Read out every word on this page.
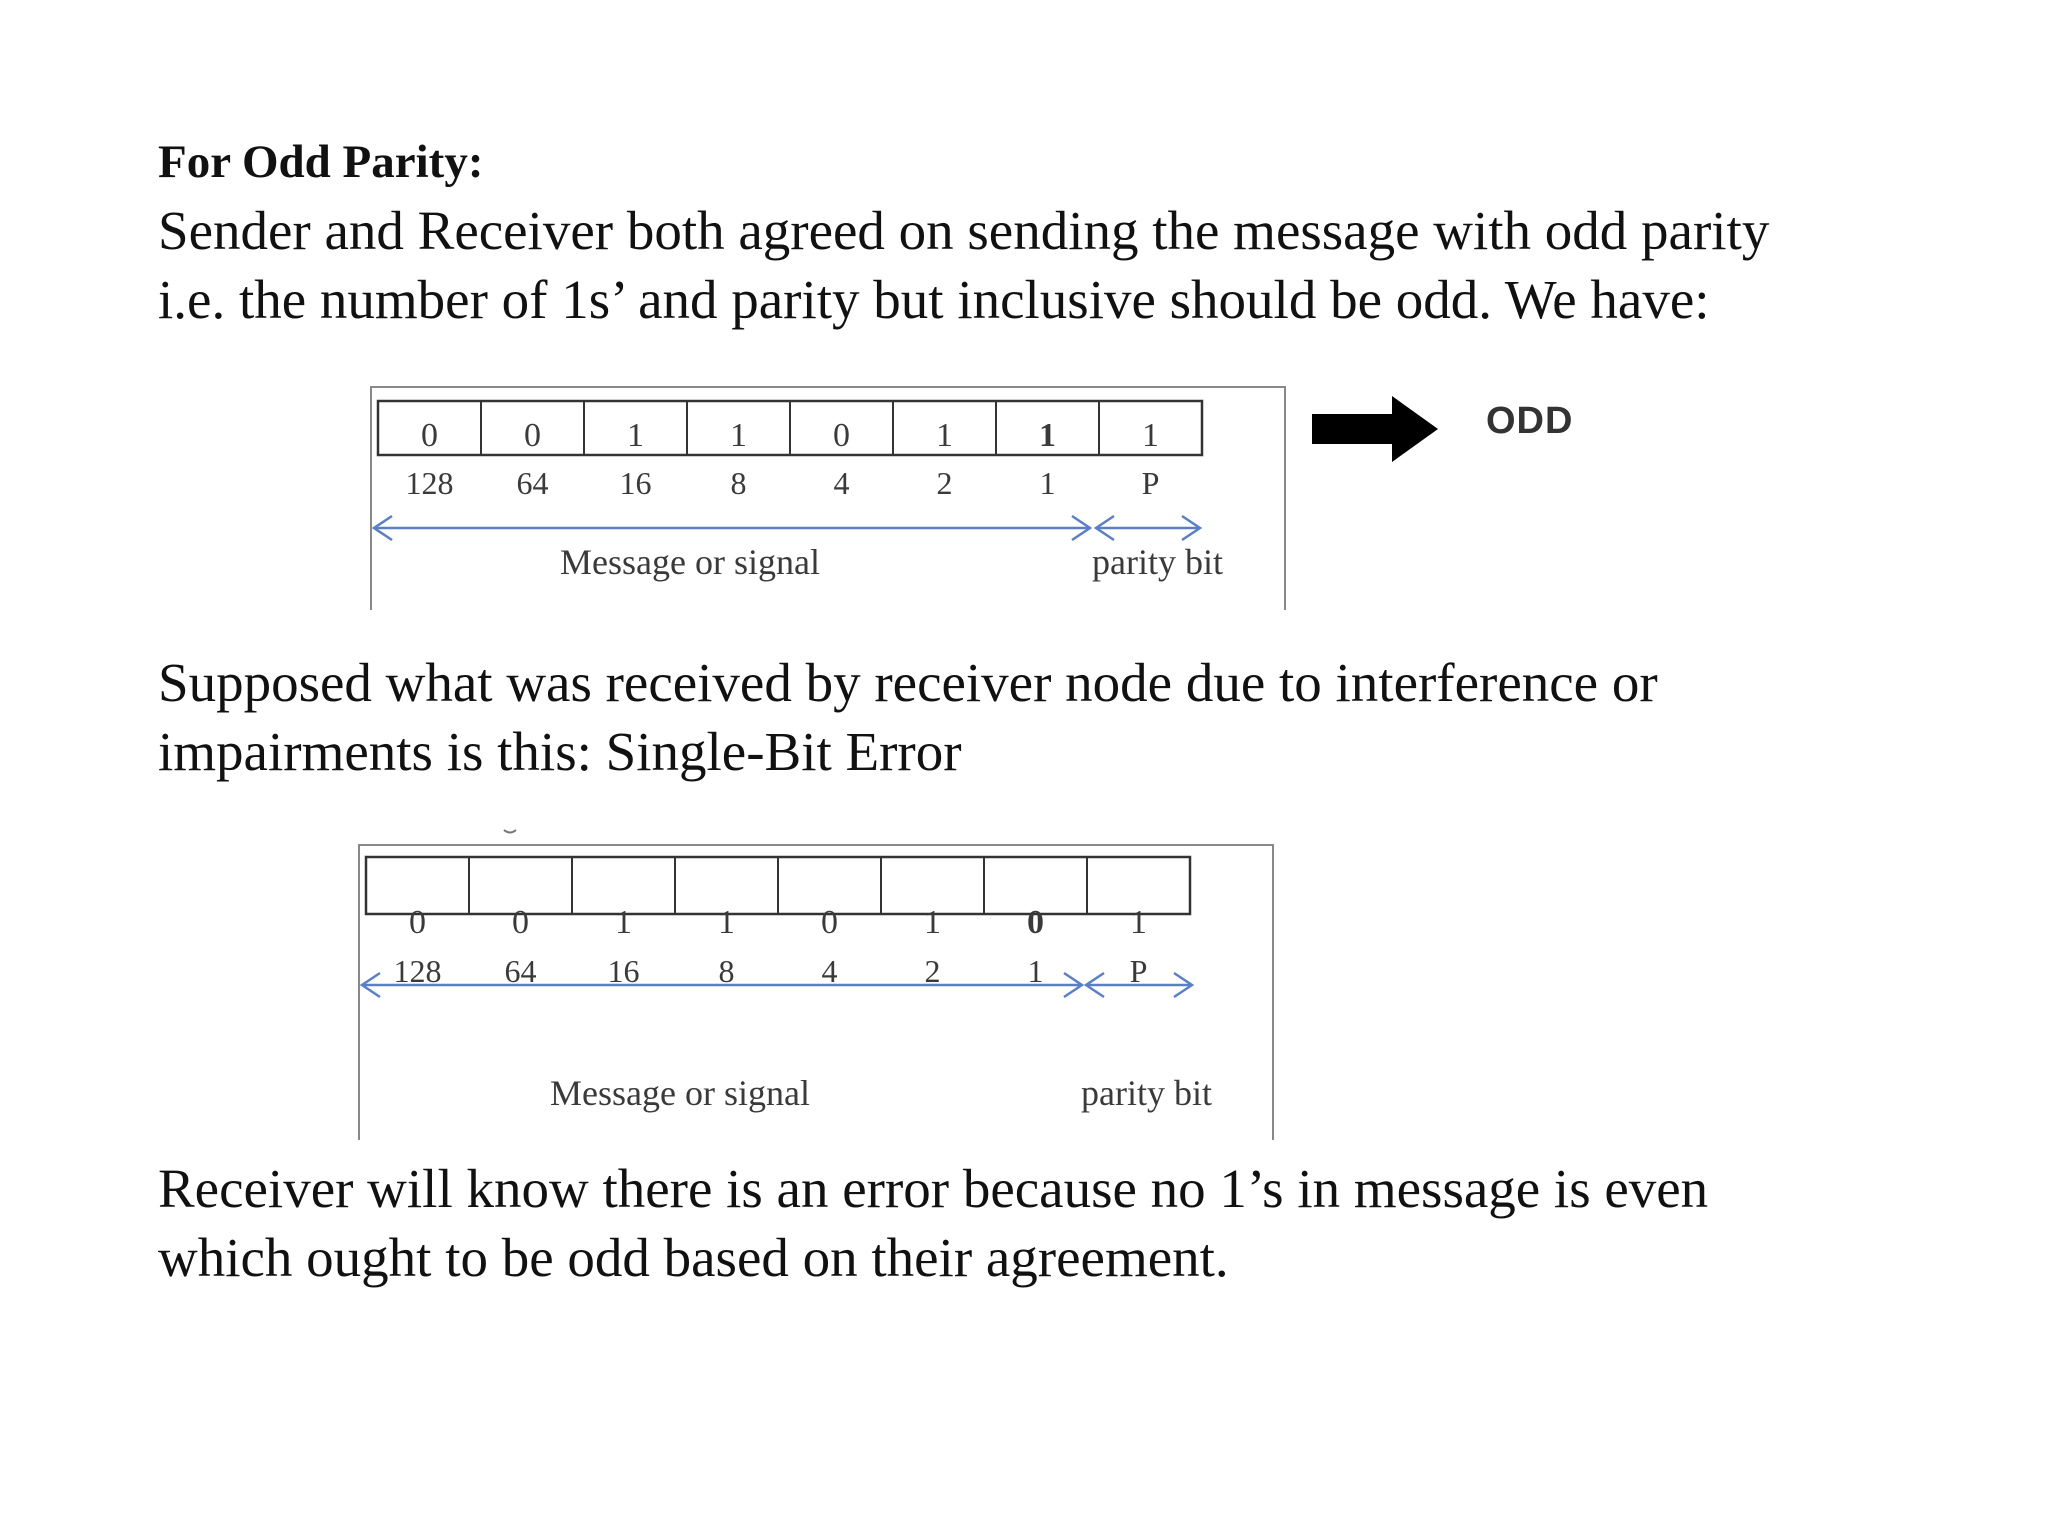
For Odd Parity:
Sender and Receiver both agreed on sending the message with odd parity
i.e. the number of 1s’ and parity but inclusive should be odd. We have:
0	0	1	1	0	1	1	1
128 64 16 8	4	2	1	P
Message or signal	parity bit
ODD
Supposed what was received by receiver node due to interference or
impairments is this: Single-Bit Error
0	0	1	1	0	1	0	1
128 64 16 8	4	2	1	P
Message or signal	parity bit
Receiver will know there is an error because no 1’s in message is even
which ought to be odd based on their agreement.
